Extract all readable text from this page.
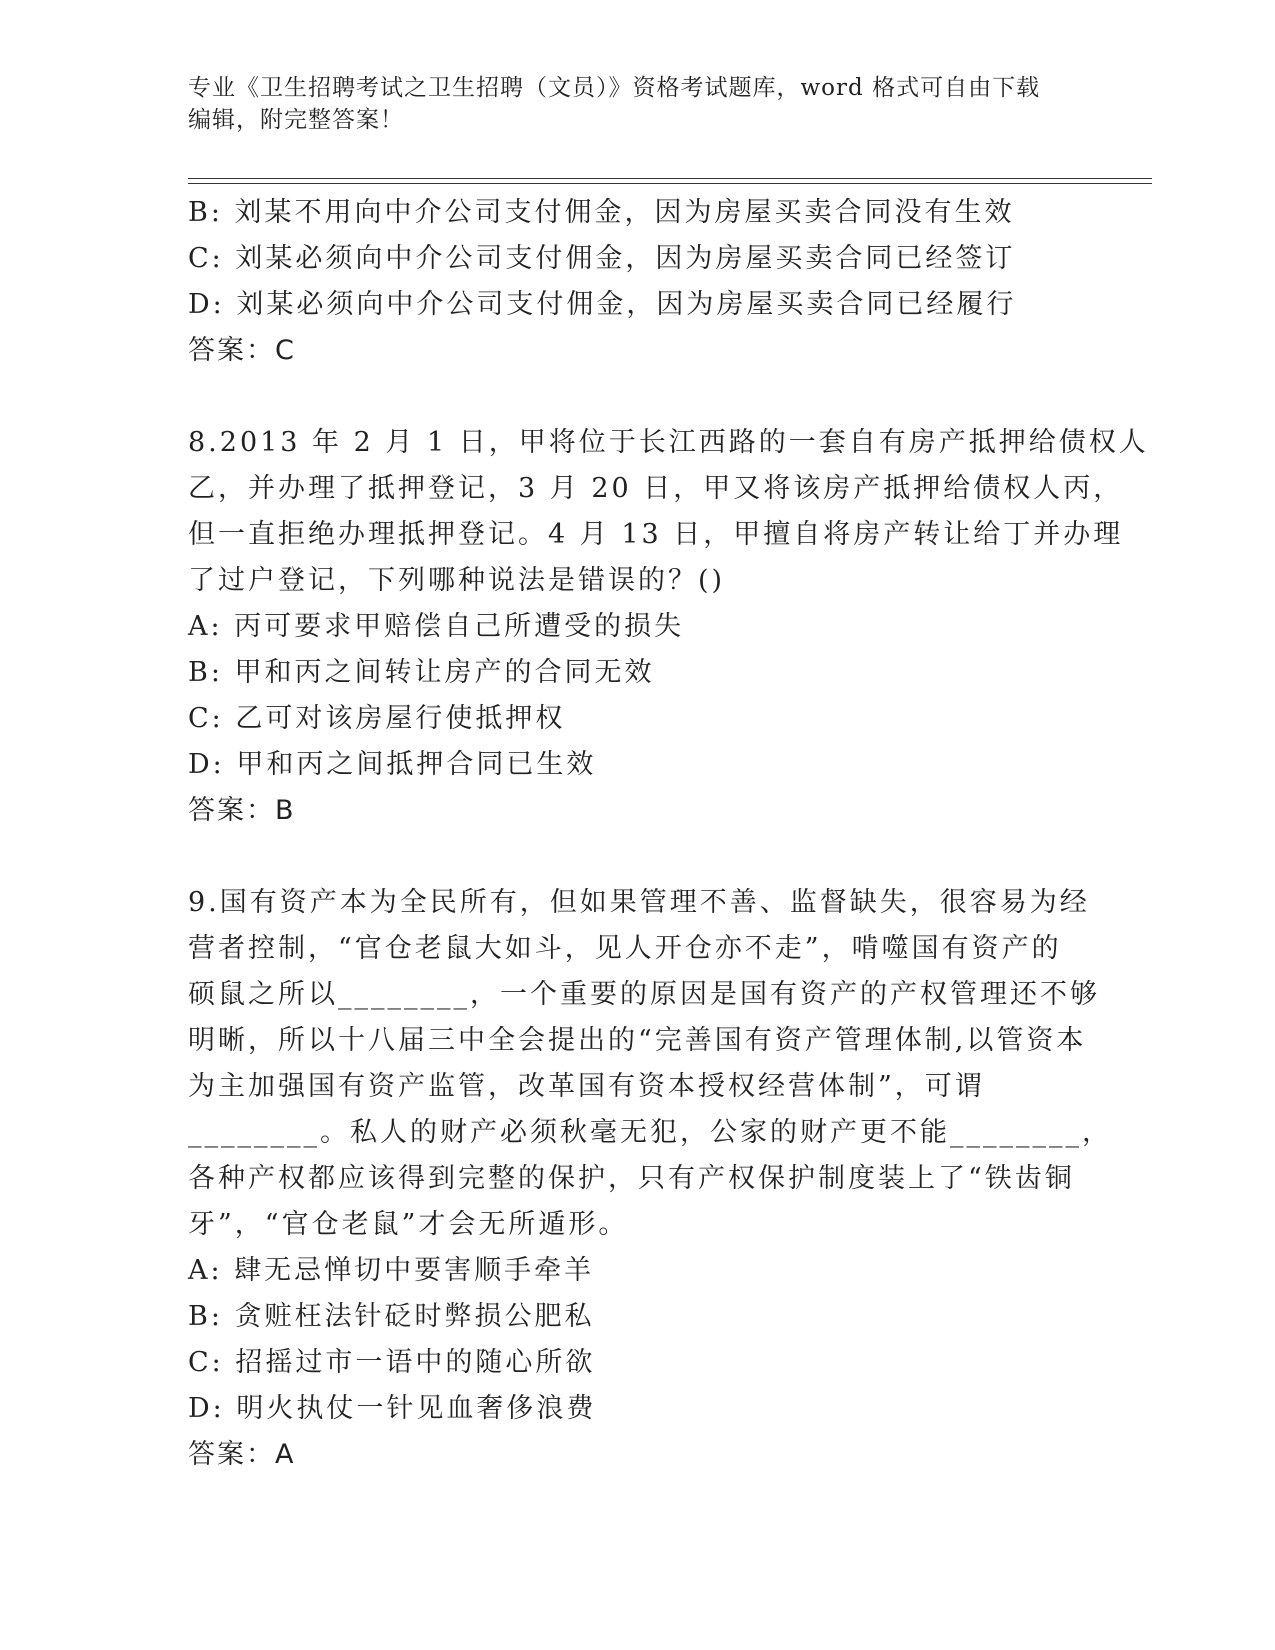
专业《卫生招聘考试之卫生招聘（文员）》资格考试题库，word 格式可自由下载
编辑，附完整答案！
B: 刘某不用向中介公司支付佣金，因为房屋买卖合同没有生效
C: 刘某必须向中介公司支付佣金，因为房屋买卖合同已经签订
D: 刘某必须向中介公司支付佣金，因为房屋买卖合同已经履行
答案：C
8.2013 年 2 月 1 日，甲将位于长江西路的一套自有房产抵押给债权人
乙，并办理了抵押登记，3 月 20 日，甲又将该房产抵押给债权人丙，
但一直拒绝办理抵押登记。4 月 13 日，甲擅自将房产转让给丁并办理
了过户登记，下列哪种说法是错误的？()
A: 丙可要求甲赔偿自己所遭受的损失
B: 甲和丙之间转让房产的合同无效
C: 乙可对该房屋行使抵押权
D: 甲和丙之间抵押合同已生效
答案：B
9.国有资产本为全民所有，但如果管理不善、监督缺失，很容易为经
营者控制，“官仓老鼠大如斗，见人开仓亦不走”，啃噬国有资产的
硕鼠之所以________，一个重要的原因是国有资产的产权管理还不够
明晰，所以十八届三中全会提出的“完善国有资产管理体制,以管资本
为主加强国有资产监管，改革国有资本授权经营体制”，可谓
________。私人的财产必须秋毫无犯，公家的财产更不能________，
各种产权都应该得到完整的保护，只有产权保护制度装上了“铁齿铜
牙”，“官仓老鼠”才会无所遁形。
A: 肆无忌惮切中要害顺手牵羊
B: 贪赃枉法针砭时弊损公肥私
C: 招摇过市一语中的随心所欲
D: 明火执仗一针见血奢侈浪费
答案：A
